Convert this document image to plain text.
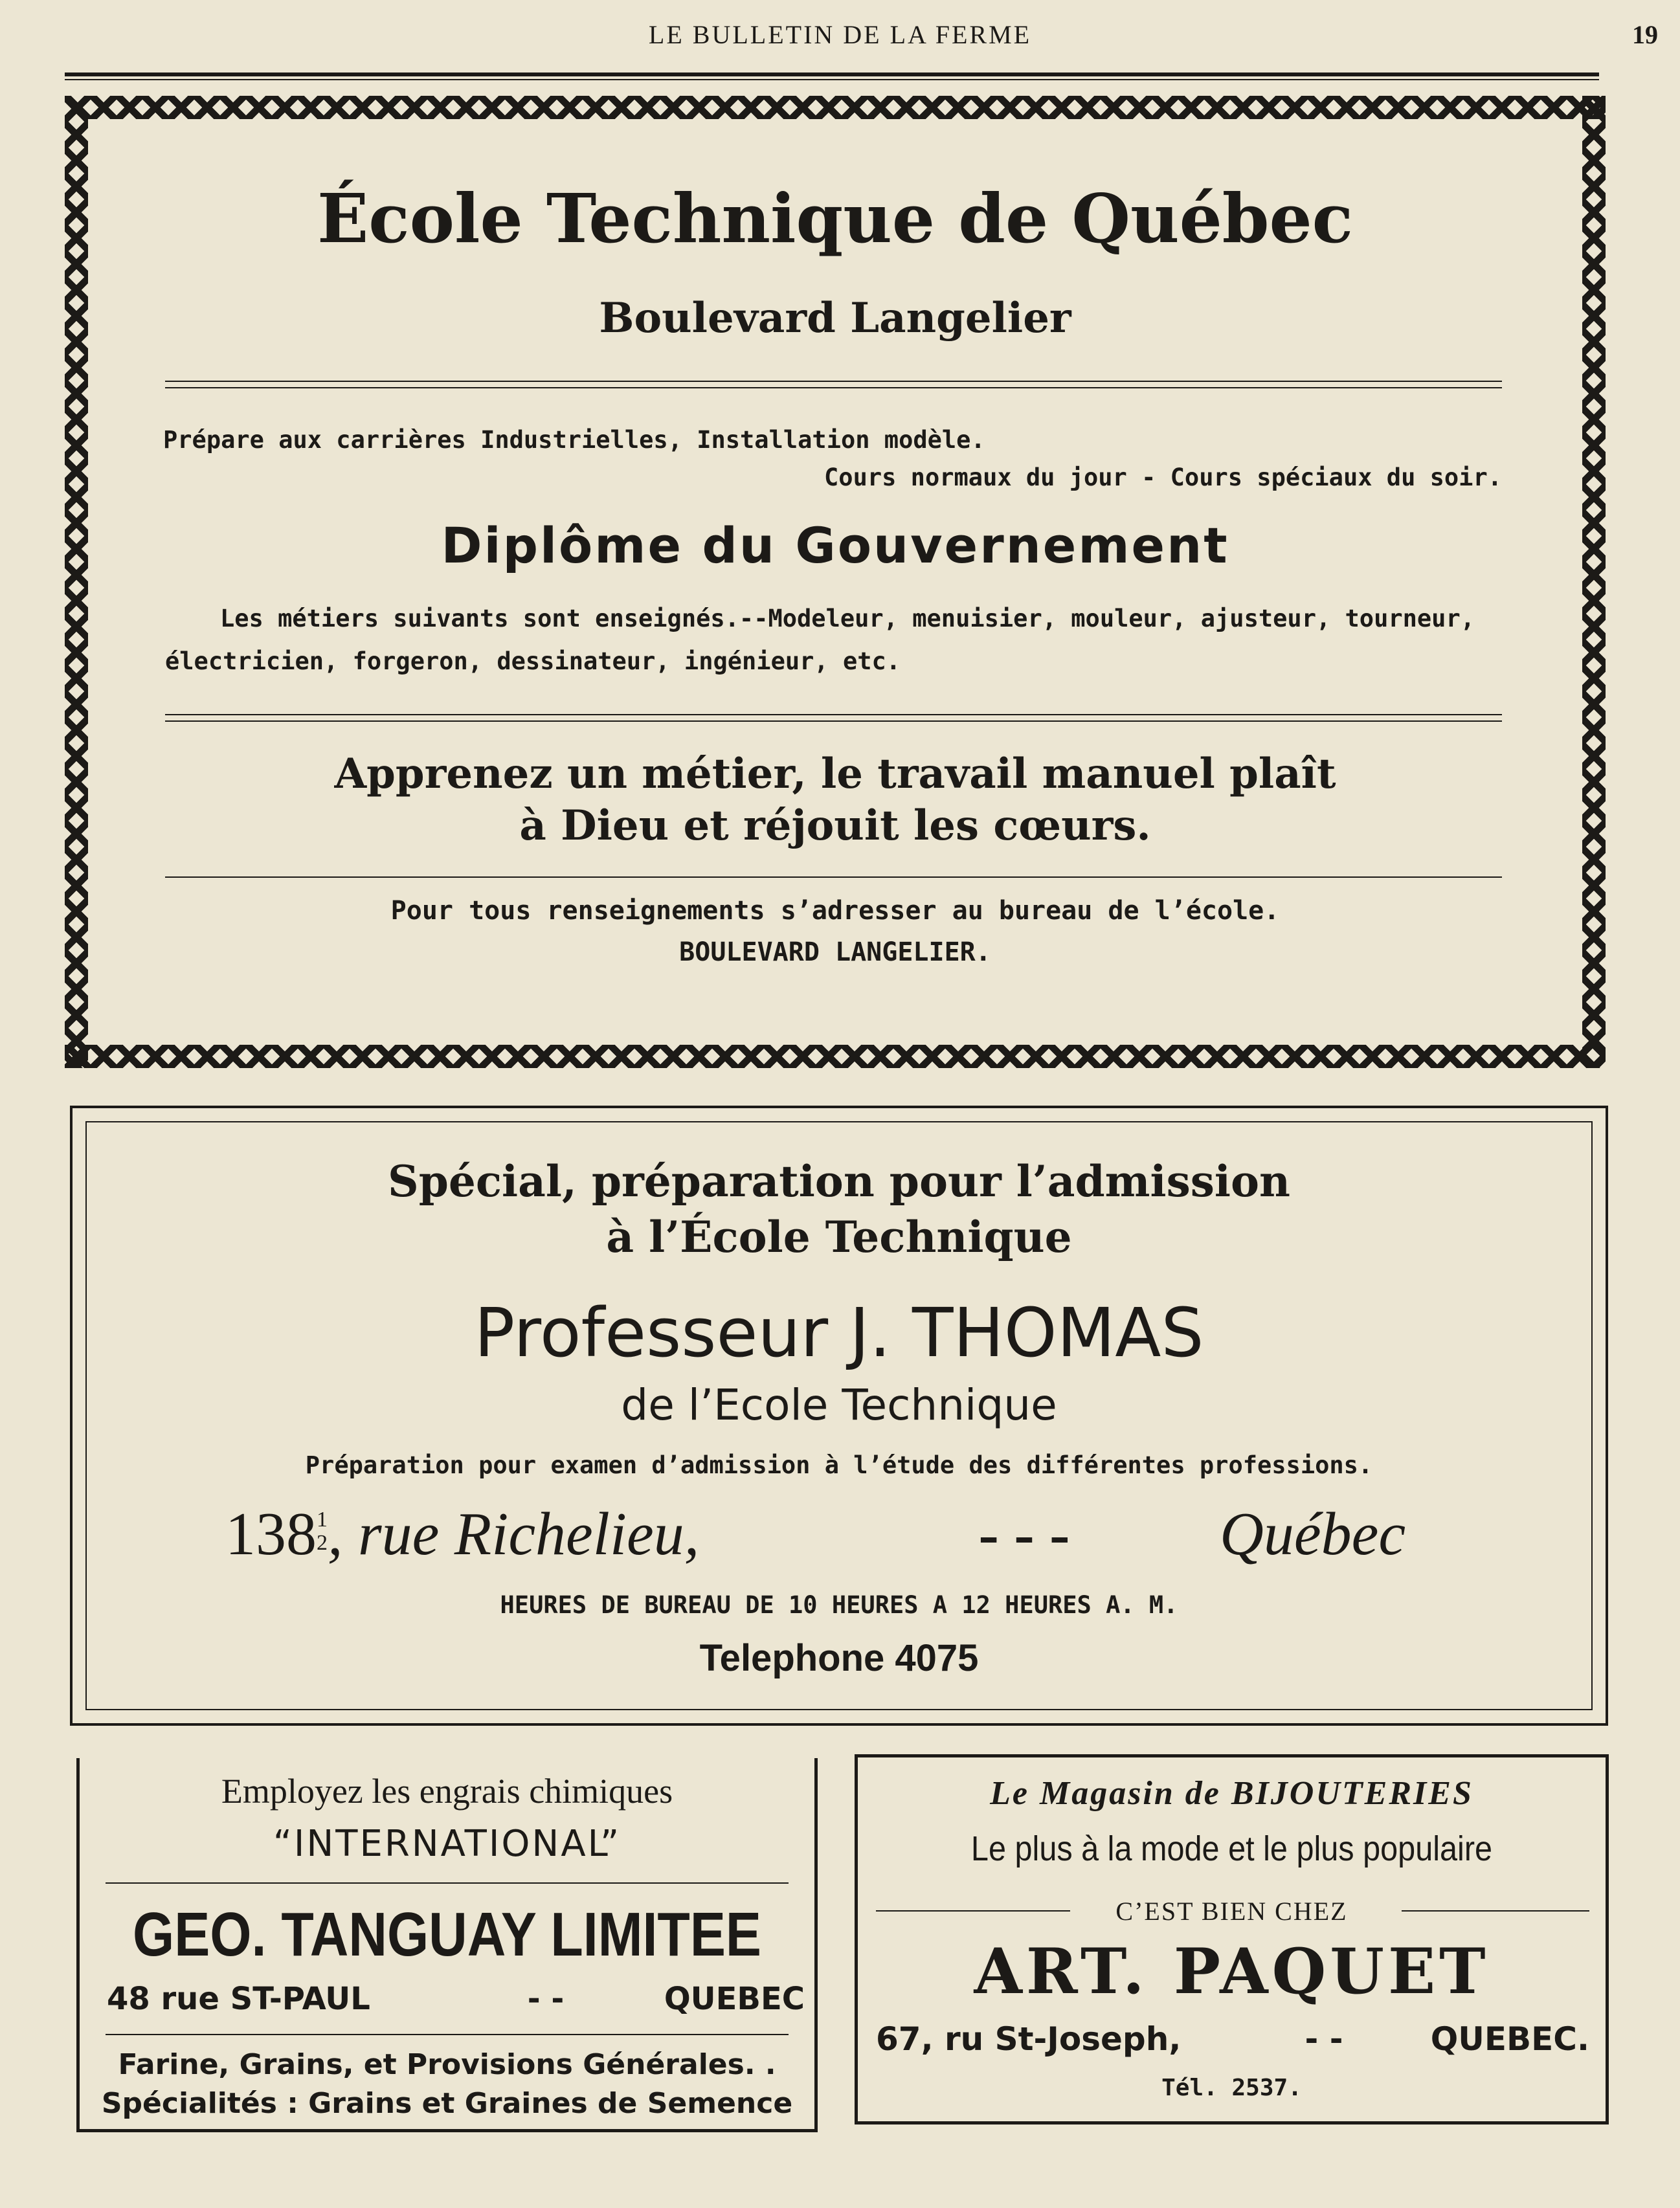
LE BULLETIN DE LA FERME	19
École Technique de Québec
Boulevard Langelier
Prépare aux carrières Industrielles, Installation modèle.
Cours normaux du jour - Cours spéciaux du soir.
Diplôme du Gouvernement
Les métiers suivants sont enseignés.--Modeleur, menuisier, mouleur, ajusteur, tourneur,
électricien, forgeron, dessinateur, ingénieur, etc.
Apprenez un métier, le travail manuel plaît
à Dieu et réjouit les cœurs.
Pour tous renseignements s’adresser au bureau de l’école.
BOULEVARD LANGELIER.
Spécial, préparation pour l’admission
à l’École Technique
Professeur J. THOMAS
de l’Ecole Technique
Préparation pour examen d’admission à l’étude des différentes professions.
138 1
2 , rue Richelieu,	- - -	Québec
HEURES DE BUREAU DE 10 HEURES A 12 HEURES A. M.
Telephone 4075
Employez les engrais chimiques
“INTERNATIONAL”
GEO. TANGUAY LIMITEE
48 rue ST-PAUL	- -	QUEBEC
Farine, Grains, et Provisions Générales. .
Spécialités : Grains et Graines de Semence
Le Magasin de BIJOUTERIES
Le plus à la mode et le plus populaire
C’EST BIEN CHEZ
ART. PAQUET
67, ru St-Joseph,	- -	QUEBEC.
Tél. 2537.
